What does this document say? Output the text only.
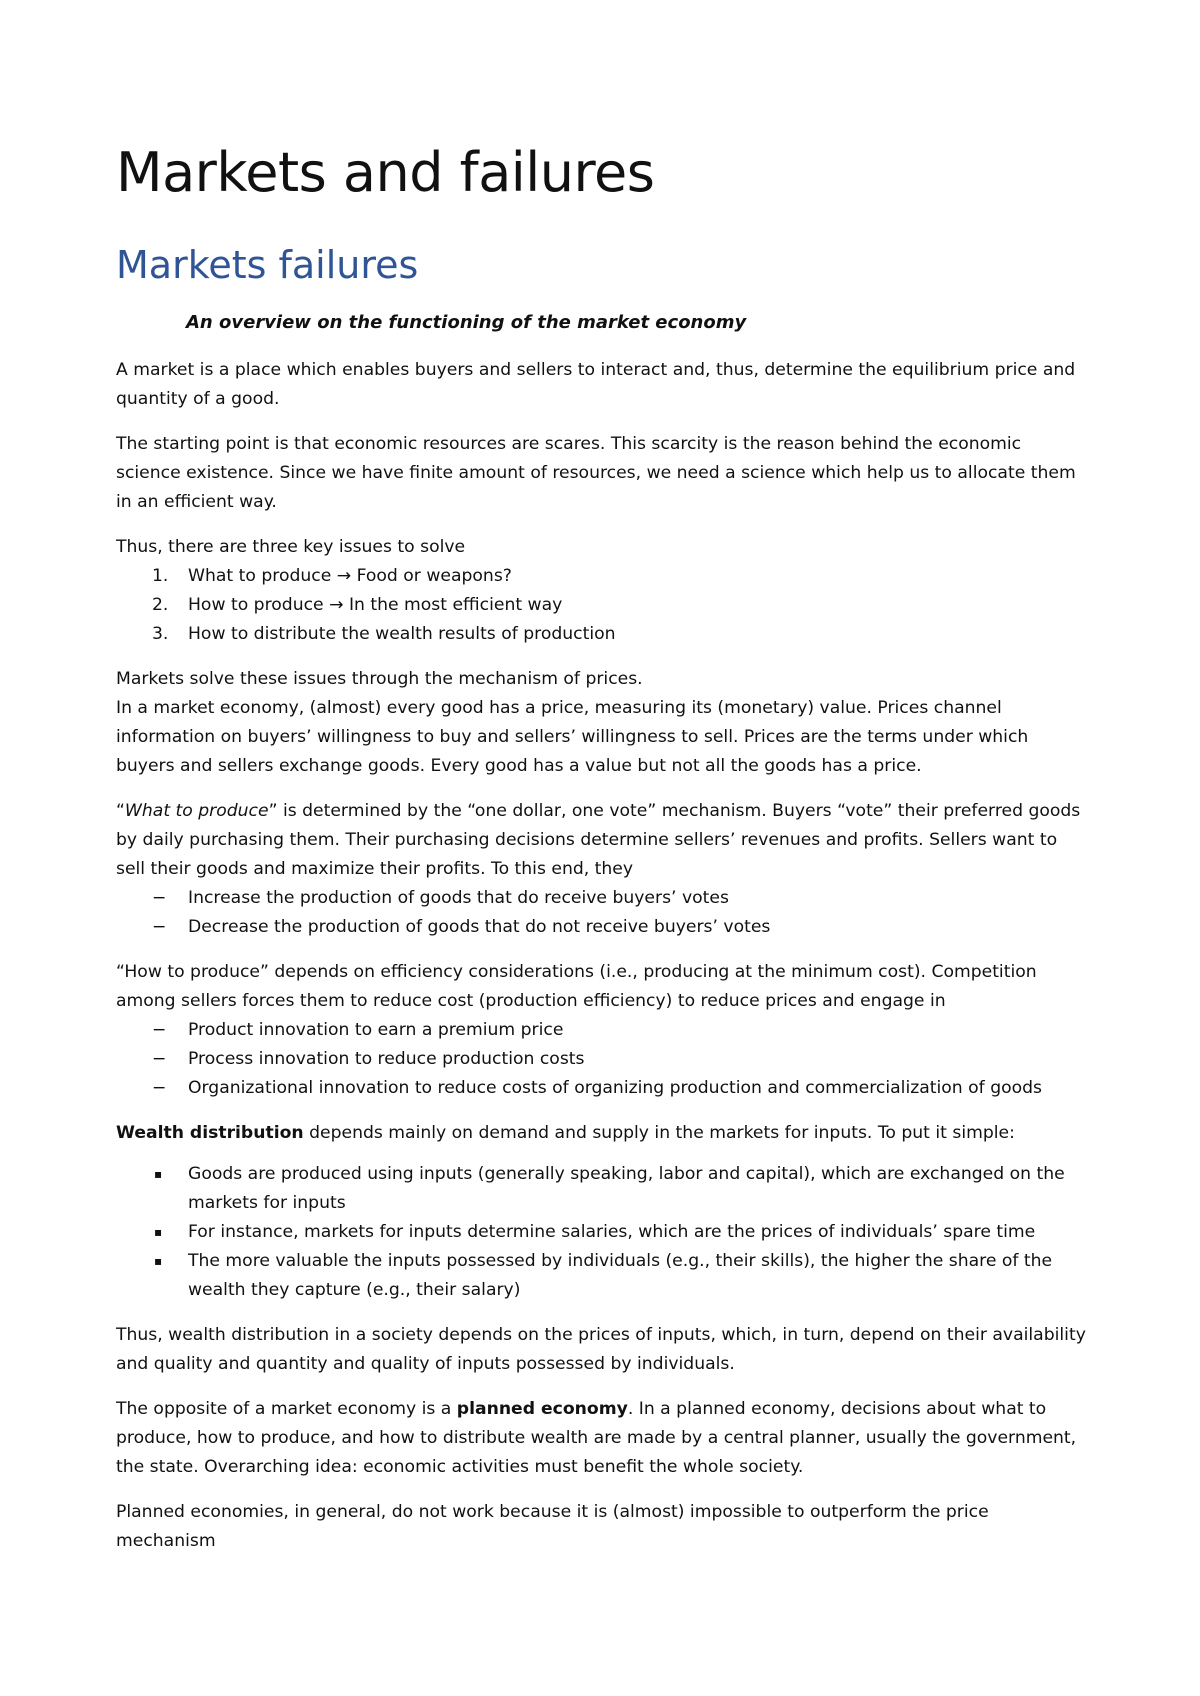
Markets and failures
Markets failures
An overview on the functioning of the market economy

A market is a place which enables buyers and sellers to interact and, thus, determine the equilibrium price and quantity of a good.

The starting point is that economic resources are scares. This scarcity is the reason behind the economic science existence. Since we have finite amount of resources, we need a science which help us to allocate them in an efficient way.

Thus, there are three key issues to solve

1. What to produce → Food or weapons?
2. How to produce → In the most efficient way
3. How to distribute the wealth results of production

Markets solve these issues through the mechanism of prices.

In a market economy, (almost) every good has a price, measuring its (monetary) value. Prices channel information on buyers’ willingness to buy and sellers’ willingness to sell. Prices are the terms under which buyers and sellers exchange goods. Every good has a value but not all the goods has a price.

“What to produce” is determined by the “one dollar, one vote” mechanism. Buyers “vote” their preferred goods by daily purchasing them. Their purchasing decisions determine sellers’ revenues and profits. Sellers want to sell their goods and maximize their profits. To this end, they

− Increase the production of goods that do receive buyers’ votes
− Decrease the production of goods that do not receive buyers’ votes

“How to produce” depends on efficiency considerations (i.e., producing at the minimum cost). Competition among sellers forces them to reduce cost (production efficiency) to reduce prices and engage in

− Product innovation to earn a premium price
− Process innovation to reduce production costs
− Organizational innovation to reduce costs of organizing production and commercialization of goods

Wealth distribution depends mainly on demand and supply in the markets for inputs. To put it simple:

▪ Goods are produced using inputs (generally speaking, labor and capital), which are exchanged on the markets for inputs
▪ For instance, markets for inputs determine salaries, which are the prices of individuals’ spare time
▪ The more valuable the inputs possessed by individuals (e.g., their skills), the higher the share of the wealth they capture (e.g., their salary)

Thus, wealth distribution in a society depends on the prices of inputs, which, in turn, depend on their availability and quality and quantity and quality of inputs possessed by individuals.

The opposite of a market economy is a planned economy. In a planned economy, decisions about what to produce, how to produce, and how to distribute wealth are made by a central planner, usually the government, the state. Overarching idea: economic activities must benefit the whole society.

Planned economies, in general, do not work because it is (almost) impossible to outperform the price mechanism
